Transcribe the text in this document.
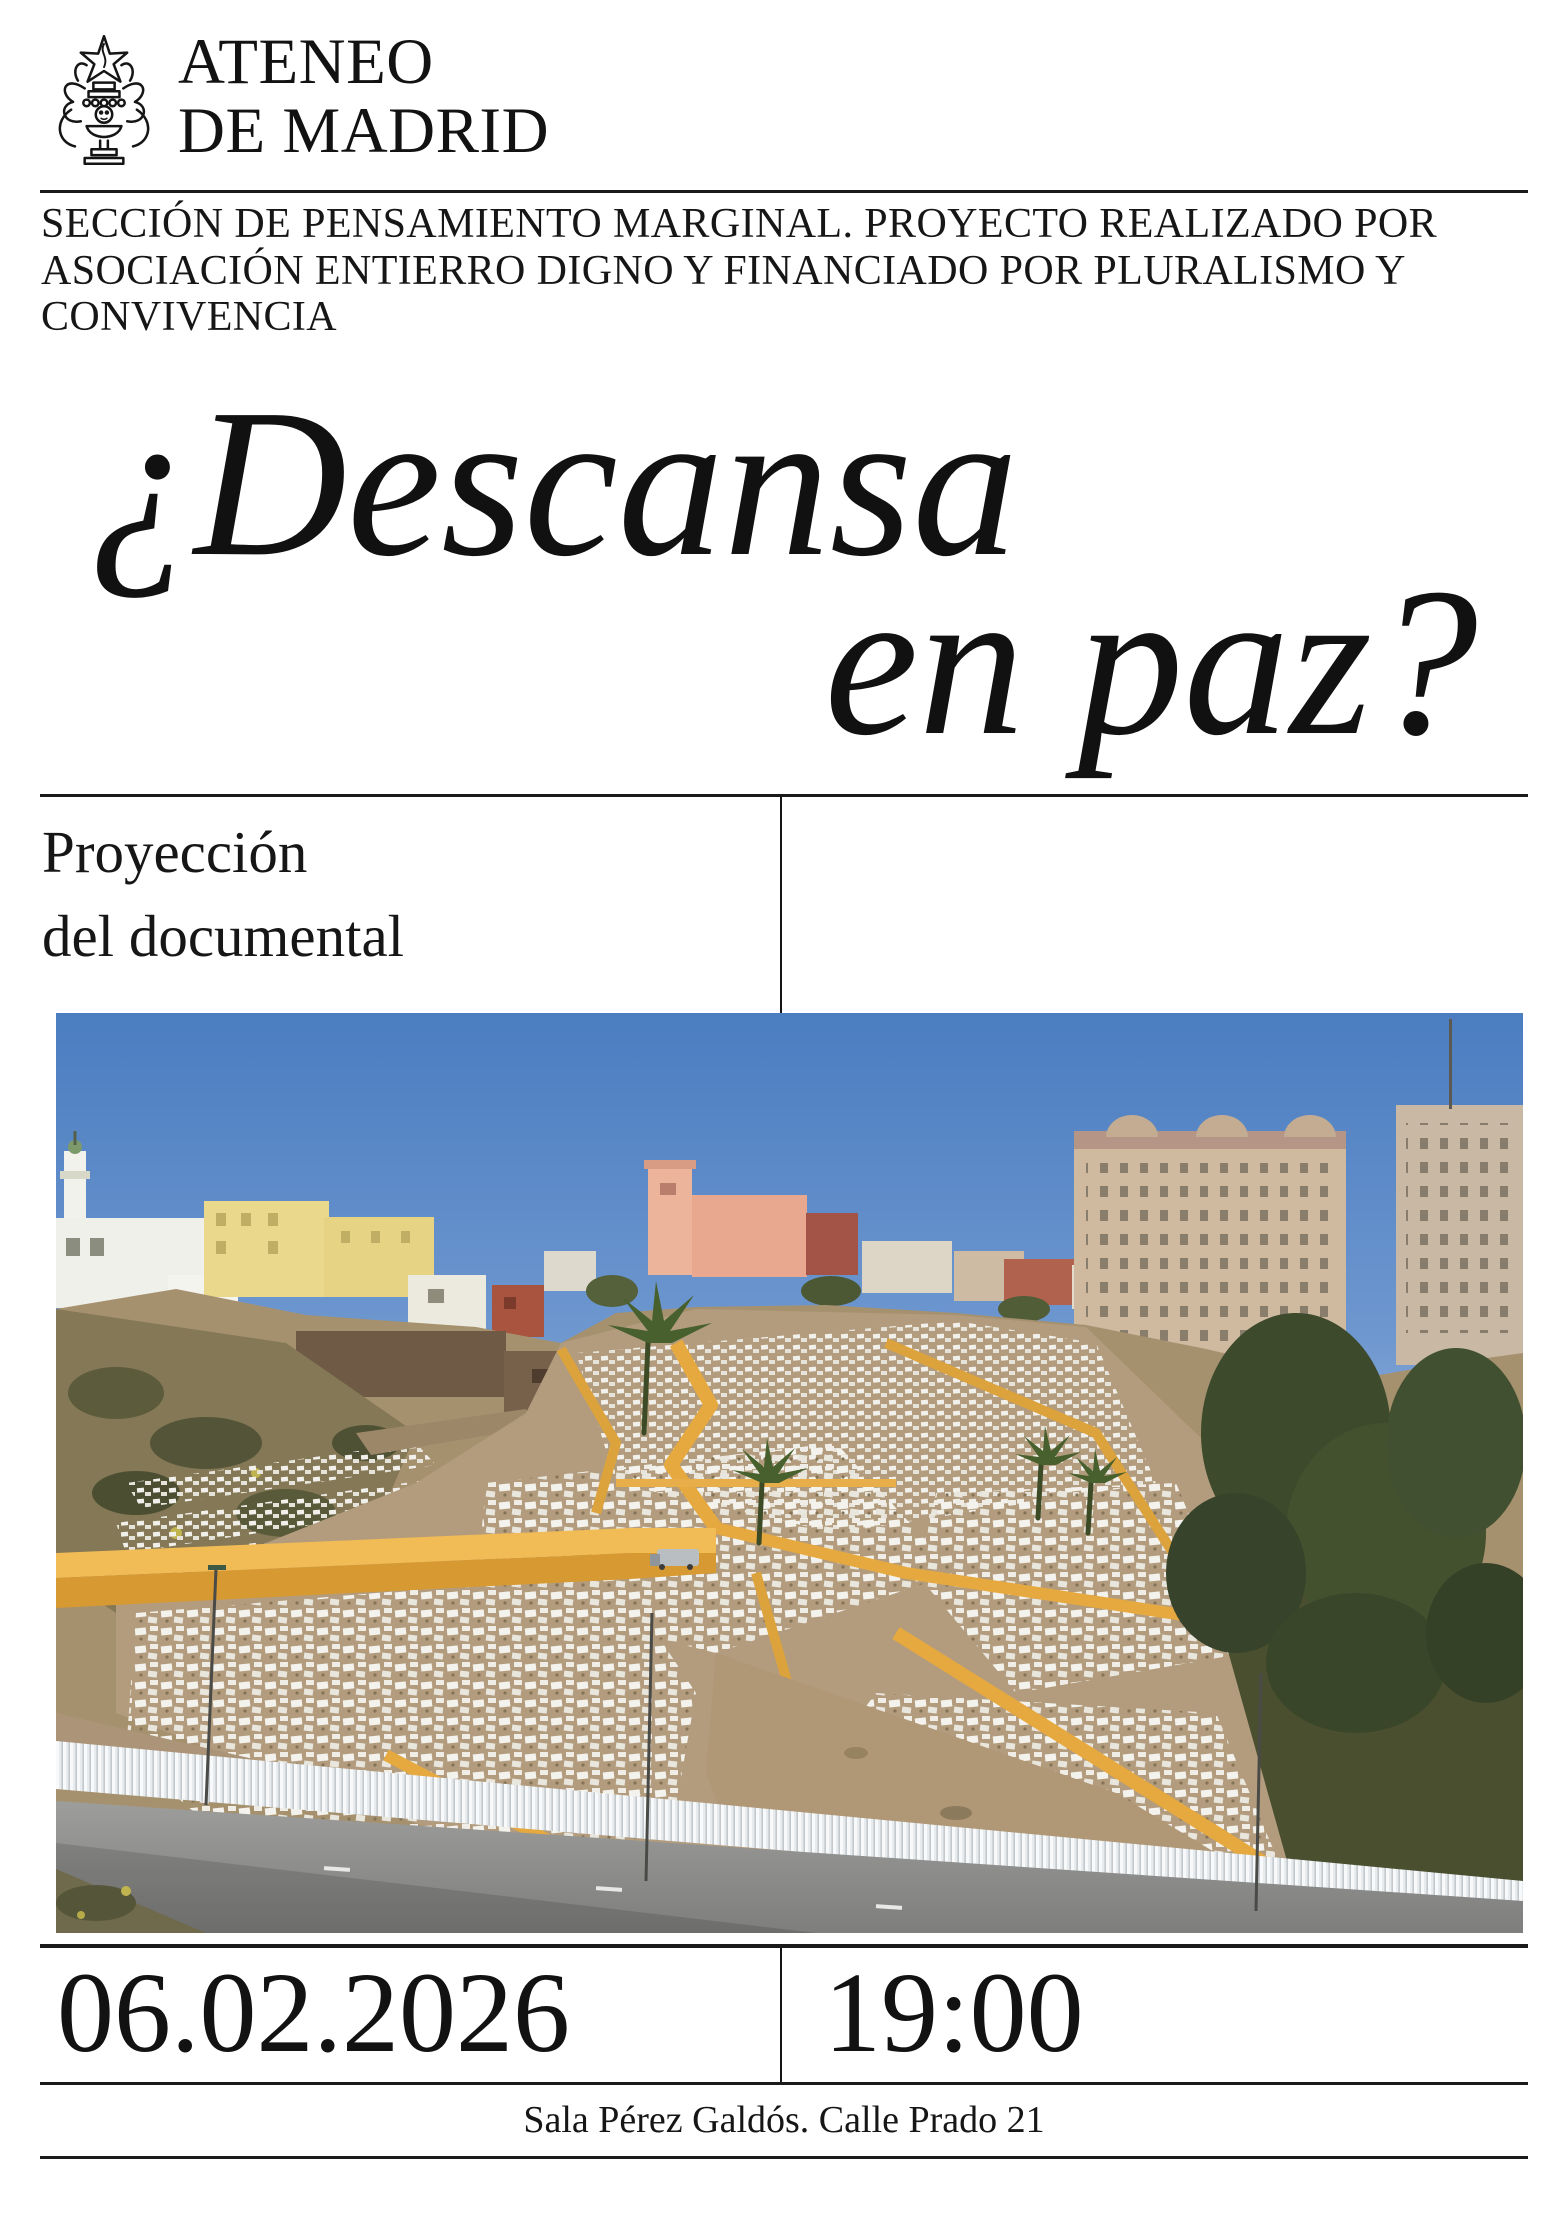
ATENEO
DE MADRID
SECCIÓN DE PENSAMIENTO MARGINAL. PROYECTO REALIZADO POR
ASOCIACIÓN ENTIERRO DIGNO Y FINANCIADO POR PLURALISMO Y
CONVIVENCIA
¿Descansa
en paz?
Proyección
del documental
06.02.2026 19:00
Sala Pérez Galdós. Calle Prado 21
